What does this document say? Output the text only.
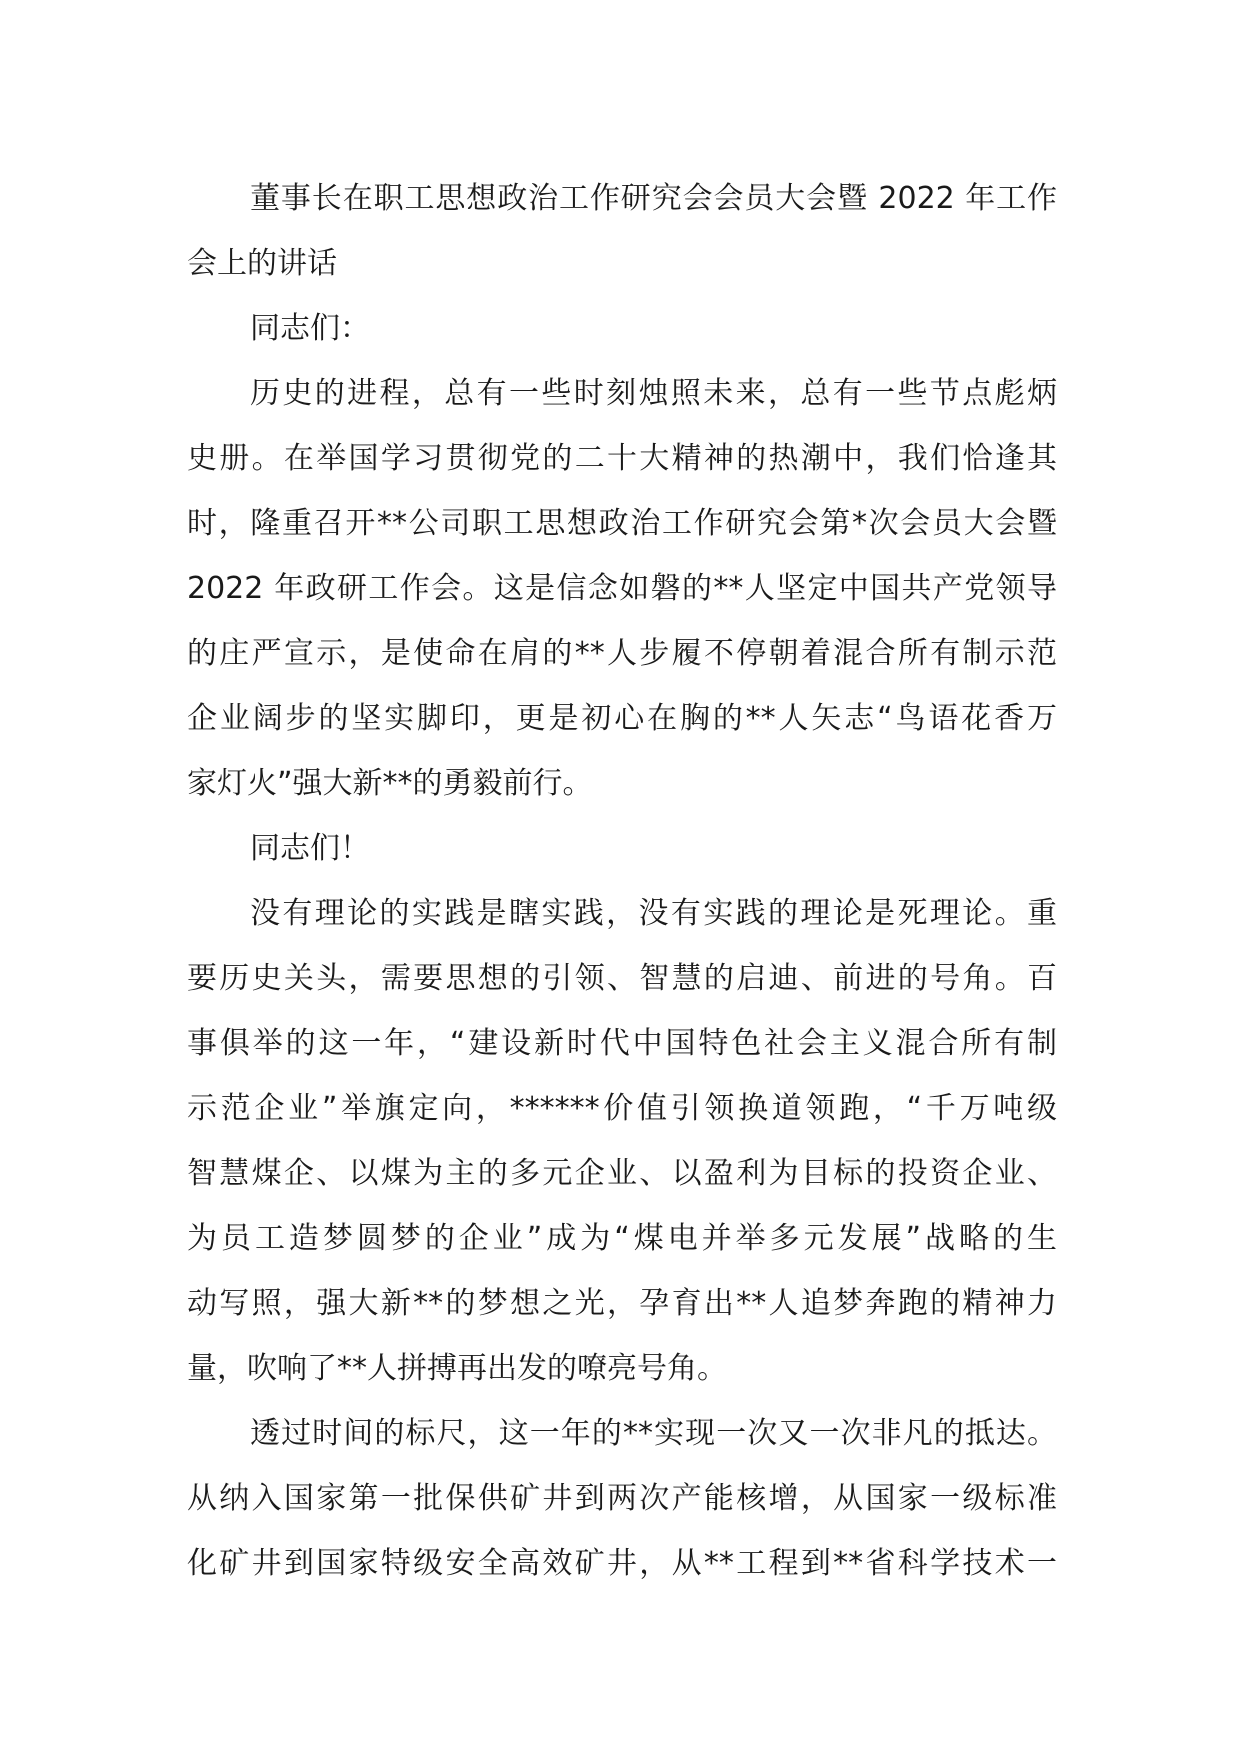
董事长在职工思想政治工作研究会会员大会暨 2022 年工作
会上的讲话
同志们：
历史的进程，总有一些时刻烛照未来，总有一些节点彪炳
史册。在举国学习贯彻党的二十大精神的热潮中，我们恰逢其
时，隆重召开**公司职工思想政治工作研究会第*次会员大会暨
2022 年政研工作会。这是信念如磐的**人坚定中国共产党领导
的庄严宣示，是使命在肩的**人步履不停朝着混合所有制示范
企业阔步的坚实脚印，更是初心在胸的**人矢志“鸟语花香万
家灯火”强大新**的勇毅前行。
同志们！
没有理论的实践是瞎实践，没有实践的理论是死理论。重
要历史关头，需要思想的引领、智慧的启迪、前进的号角。百
事俱举的这一年，“建设新时代中国特色社会主义混合所有制
示范企业”举旗定向，******价值引领换道领跑，“千万吨级
智慧煤企、以煤为主的多元企业、以盈利为目标的投资企业、
为员工造梦圆梦的企业”成为“煤电并举多元发展”战略的生
动写照，强大新**的梦想之光，孕育出**人追梦奔跑的精神力
量，吹响了**人拼搏再出发的嘹亮号角。
透过时间的标尺，这一年的**实现一次又一次非凡的抵达。
从纳入国家第一批保供矿井到两次产能核增，从国家一级标准
化矿井到国家特级安全高效矿井，从**工程到**省科学技术一
